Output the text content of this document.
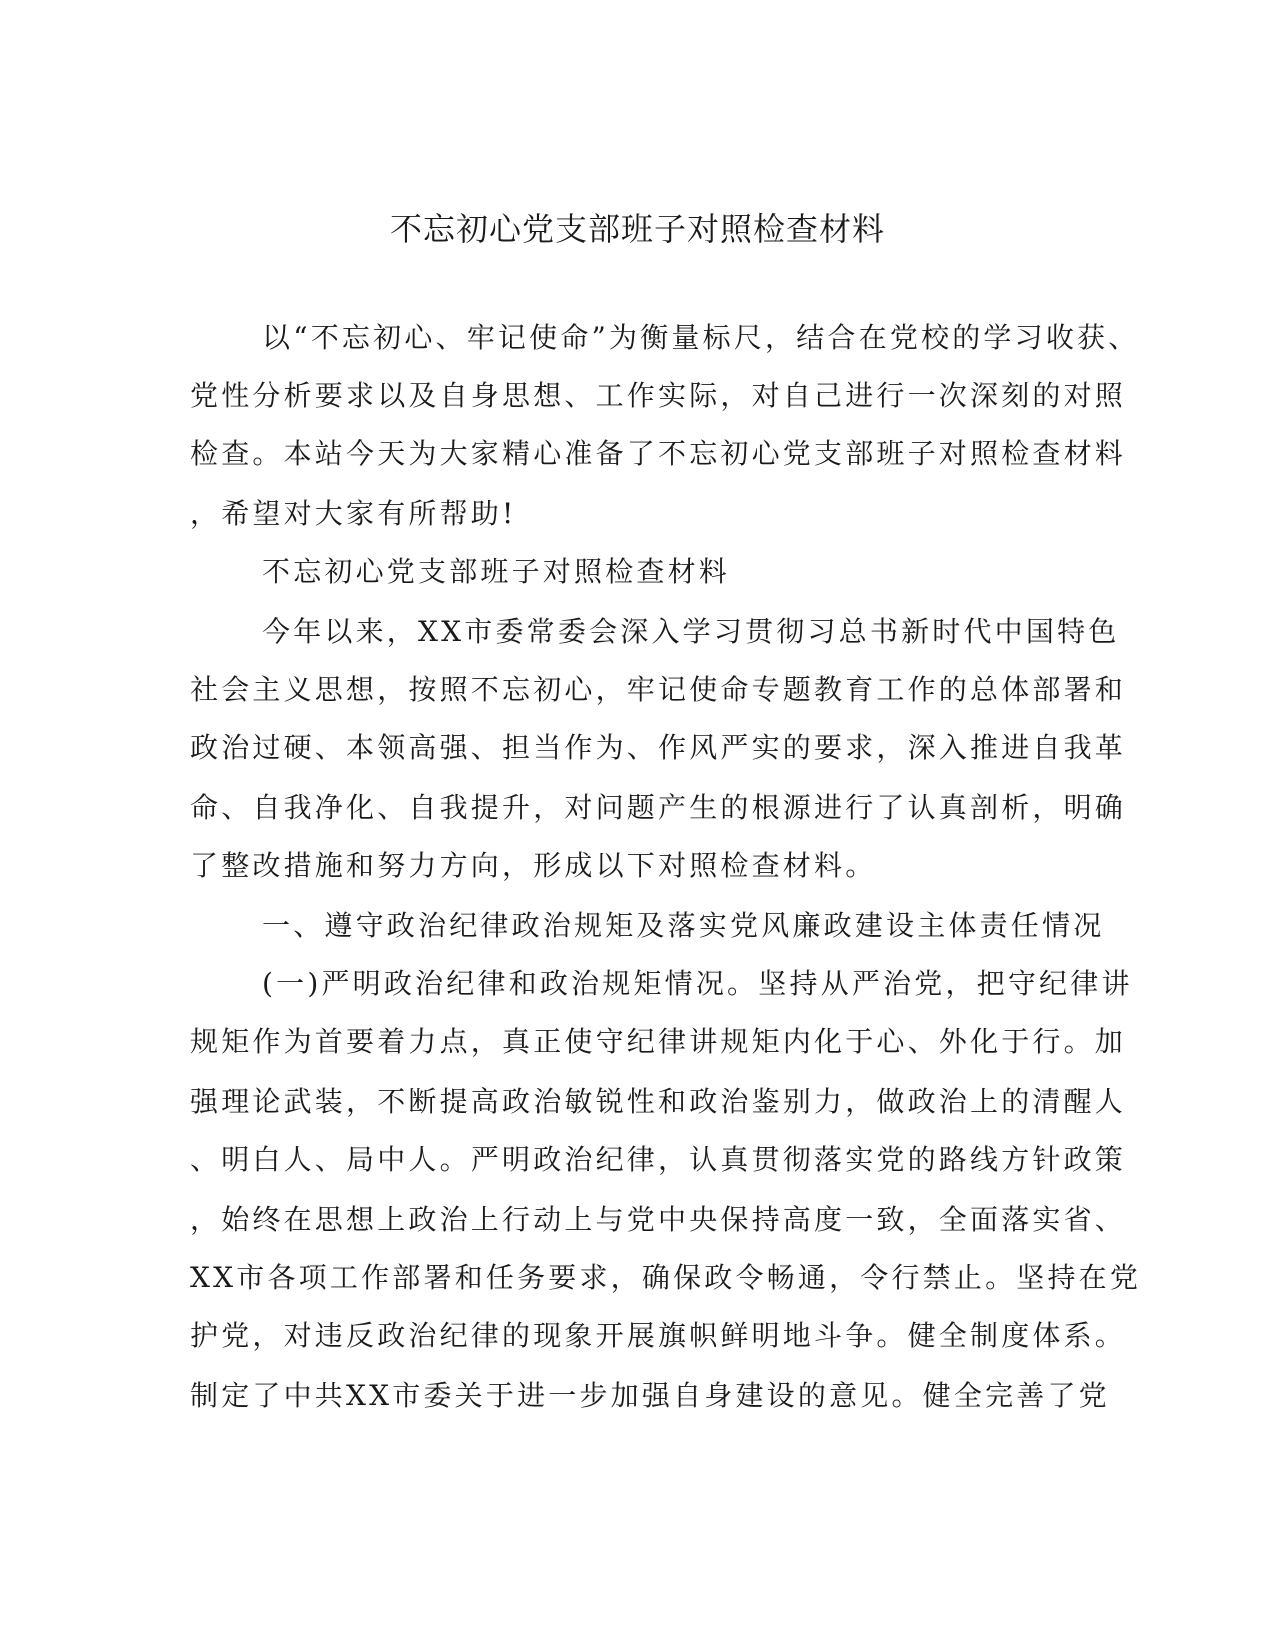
不忘初心党支部班子对照检查材料

以“不忘初心、牢记使命”为衡量标尺，结合在党校的学习收获、

党性分析要求以及自身思想、工作实际，对自己进行一次深刻的对照

检查。本站今天为大家精心准备了不忘初心党支部班子对照检查材料

，希望对大家有所帮助!

不忘初心党支部班子对照检查材料

今年以来，XX市委常委会深入学习贯彻习总书新时代中国特色

社会主义思想，按照不忘初心，牢记使命专题教育工作的总体部署和

政治过硬、本领高强、担当作为、作风严实的要求，深入推进自我革

命、自我净化、自我提升，对问题产生的根源进行了认真剖析，明确

了整改措施和努力方向，形成以下对照检查材料。

一、遵守政治纪律政治规矩及落实党风廉政建设主体责任情况

(一)严明政治纪律和政治规矩情况。坚持从严治党，把守纪律讲

规矩作为首要着力点，真正使守纪律讲规矩内化于心、外化于行。加

强理论武装，不断提高政治敏锐性和政治鉴别力，做政治上的清醒人

、明白人、局中人。严明政治纪律，认真贯彻落实党的路线方针政策

，始终在思想上政治上行动上与党中央保持高度一致，全面落实省、

XX市各项工作部署和任务要求，确保政令畅通，令行禁止。坚持在党

护党，对违反政治纪律的现象开展旗帜鲜明地斗争。健全制度体系。

制定了中共XX市委关于进一步加强自身建设的意见。健全完善了党
